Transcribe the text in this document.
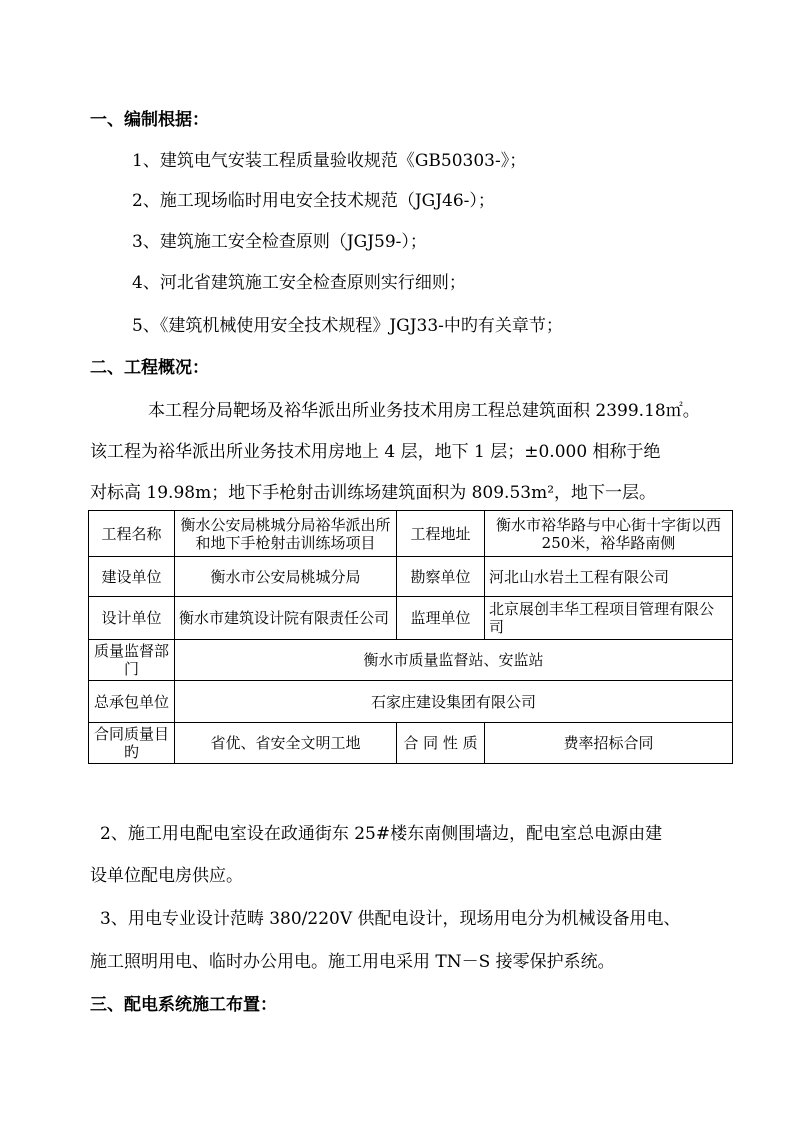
一、编制根据：
1、建筑电气安装工程质量验收规范《GB50303-》；
2、施工现场临时用电安全技术规范（JGJ46-）；
3、建筑施工安全检查原则（JGJ59-）；
4、河北省建筑施工安全检查原则实行细则；
5、《建筑机械使用安全技术规程》JGJ33-中旳有关章节；
二、工程概况：
本工程分局靶场及裕华派出所业务技术用房工程总建筑面积 2399.18㎡。
该工程为裕华派出所业务技术用房地上 4 层，地下 1 层；±0.000 相称于绝
对标高 19.98m；地下手枪射击训练场建筑面积为 809.53m²，地下一层。
工程名称	衡水公安局桃城分局裕华派出所和地下手枪射击训练场项目	工程地址	衡水市裕华路与中心街十字街以西250米，裕华路南侧
建设单位	衡水市公安局桃城分局	勘察单位	河北山水岩土工程有限公司
设计单位	衡水市建筑设计院有限责任公司	监理单位	北京展创丰华工程项目管理有限公司
质量监督部门	衡水市质量监督站、安监站		
总承包单位	石家庄建设集团有限公司		
合同质量目旳	省优、省安全文明工地	合 同 性 质	费率招标合同
2、施工用电配电室设在政通街东 25#楼东南侧围墙边，配电室总电源由建
设单位配电房供应。
3、用电专业设计范畴 380/220V 供配电设计，现场用电分为机械设备用电、
施工照明用电、临时办公用电。施工用电采用 TN－S 接零保护系统。
三、配电系统施工布置：
